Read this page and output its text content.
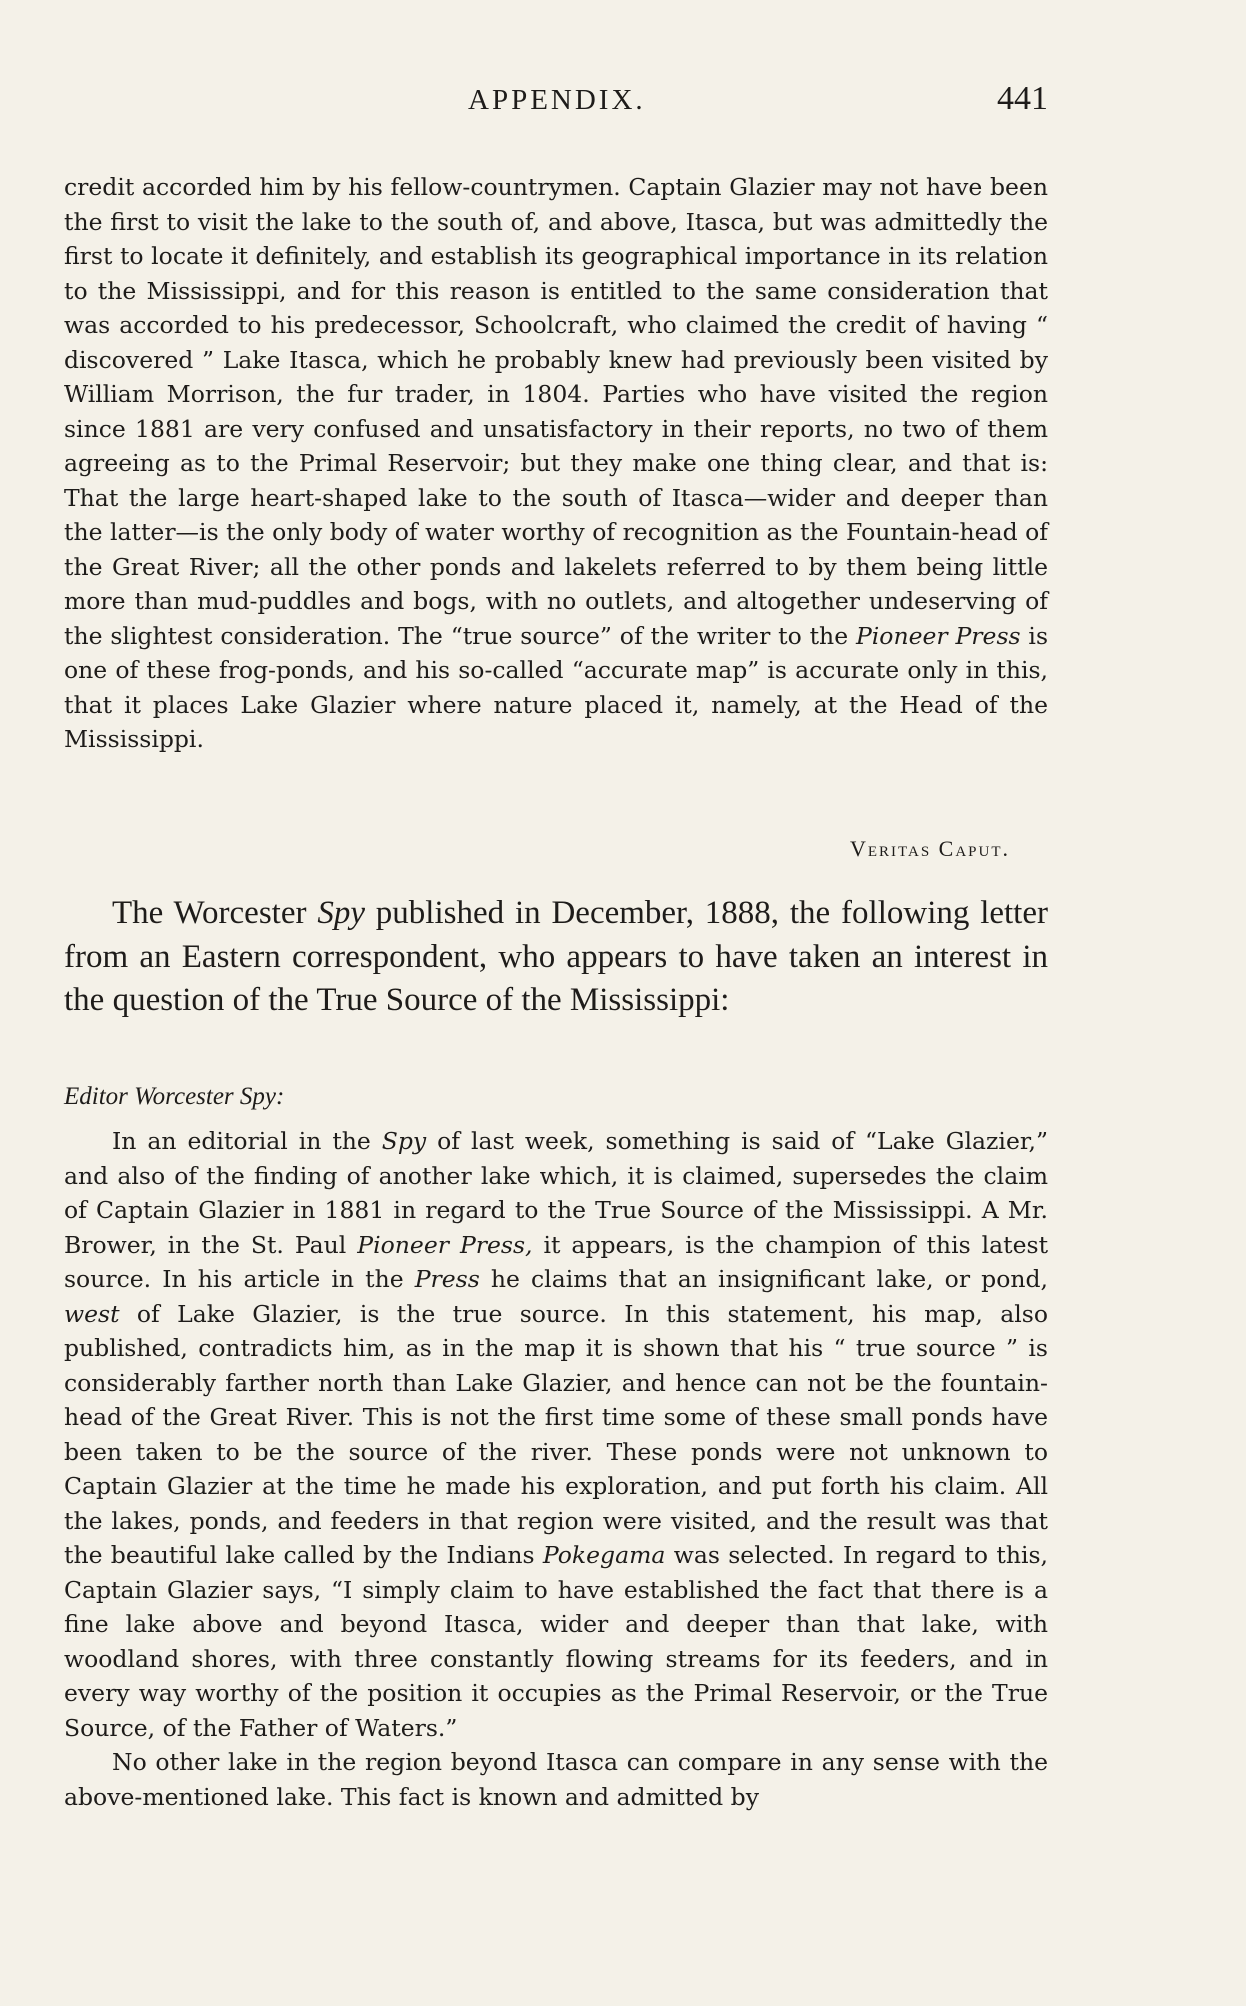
APPENDIX.	441

credit accorded him by his fellow-countrymen. Captain Glazier may not have been the first to visit the lake to the south of, and above, Itasca, but was admittedly the first to locate it definitely, and establish its geographical importance in its relation to the Mississippi, and for this reason is entitled to the same consideration that was accorded to his predecessor, Schoolcraft, who claimed the credit of having “ discovered ” Lake Itasca, which he probably knew had previously been visited by William Morrison, the fur trader, in 1804. Parties who have visited the region since 1881 are very confused and unsatisfactory in their reports, no two of them agreeing as to the Primal Reservoir; but they make one thing clear, and that is: That the large heart-shaped lake to the south of Itasca—wider and deeper than the latter—is the only body of water worthy of recognition as the Fountain-head of the Great River; all the other ponds and lakelets referred to by them being little more than mud-puddles and bogs, with no outlets, and altogether undeserving of the slightest consideration. The “true source” of the writer to the Pioneer Press is one of these frog-ponds, and his so-called “accurate map” is accurate only in this, that it places Lake Glazier where nature placed it, namely, at the Head of the Mississippi.

Veritas Caput.

The Worcester Spy published in December, 1888, the following letter from an Eastern correspondent, who appears to have taken an interest in the question of the True Source of the Mississippi:

Editor Worcester Spy:

In an editorial in the Spy of last week, something is said of “Lake Glazier,” and also of the finding of another lake which, it is claimed, supersedes the claim of Captain Glazier in 1881 in regard to the True Source of the Mississippi. A Mr. Brower, in the St. Paul Pioneer Press, it appears, is the champion of this latest source. In his article in the Press he claims that an insignificant lake, or pond, west of Lake Glazier, is the true source. In this statement, his map, also published, contradicts him, as in the map it is shown that his “ true source ” is considerably farther north than Lake Glazier, and hence can not be the fountain-head of the Great River. This is not the first time some of these small ponds have been taken to be the source of the river. These ponds were not unknown to Captain Glazier at the time he made his exploration, and put forth his claim. All the lakes, ponds, and feeders in that region were visited, and the result was that the beautiful lake called by the Indians Pokegama was selected. In regard to this, Captain Glazier says, “I simply claim to have established the fact that there is a fine lake above and beyond Itasca, wider and deeper than that lake, with woodland shores, with three constantly flowing streams for its feeders, and in every way worthy of the position it occupies as the Primal Reservoir, or the True Source, of the Father of Waters.”

No other lake in the region beyond Itasca can compare in any sense with the above-mentioned lake. This fact is known and admitted by
